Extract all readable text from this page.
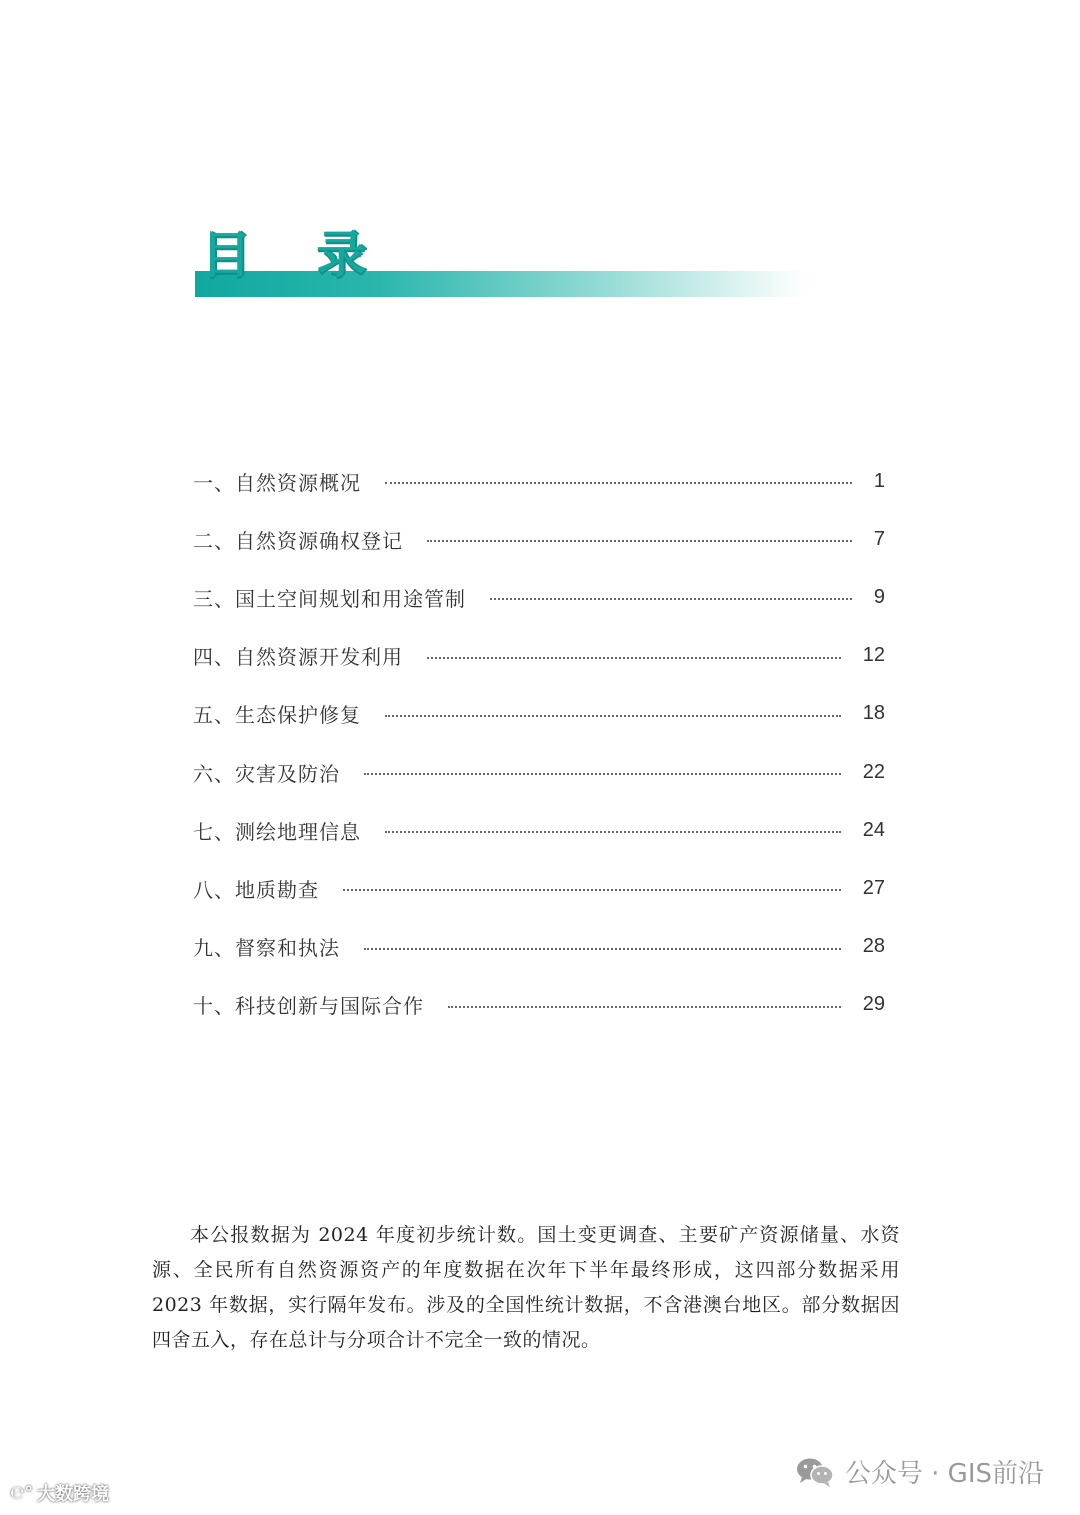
目 录
一、自然资源概况	1
二、自然资源确权登记	7
三、国土空间规划和用途管制	9
四、自然资源开发利用	12
五、生态保护修复	18
六、灾害及防治	22
七、测绘地理信息	24
八、地质勘查	27
九、督察和执法	28
十、科技创新与国际合作	29

本公报数据为 2024 年度初步统计数。国土变更调查、主要矿产资源储量、水资源、全民所有自然资源资产的年度数据在次年下半年最终形成，这四部分数据采用 2023 年数据，实行隔年发布。涉及的全国性统计数据，不含港澳台地区。部分数据因四舍五入，存在总计与分项合计不完全一致的情况。

℮° 大数跨境
公众号 · GIS前沿
